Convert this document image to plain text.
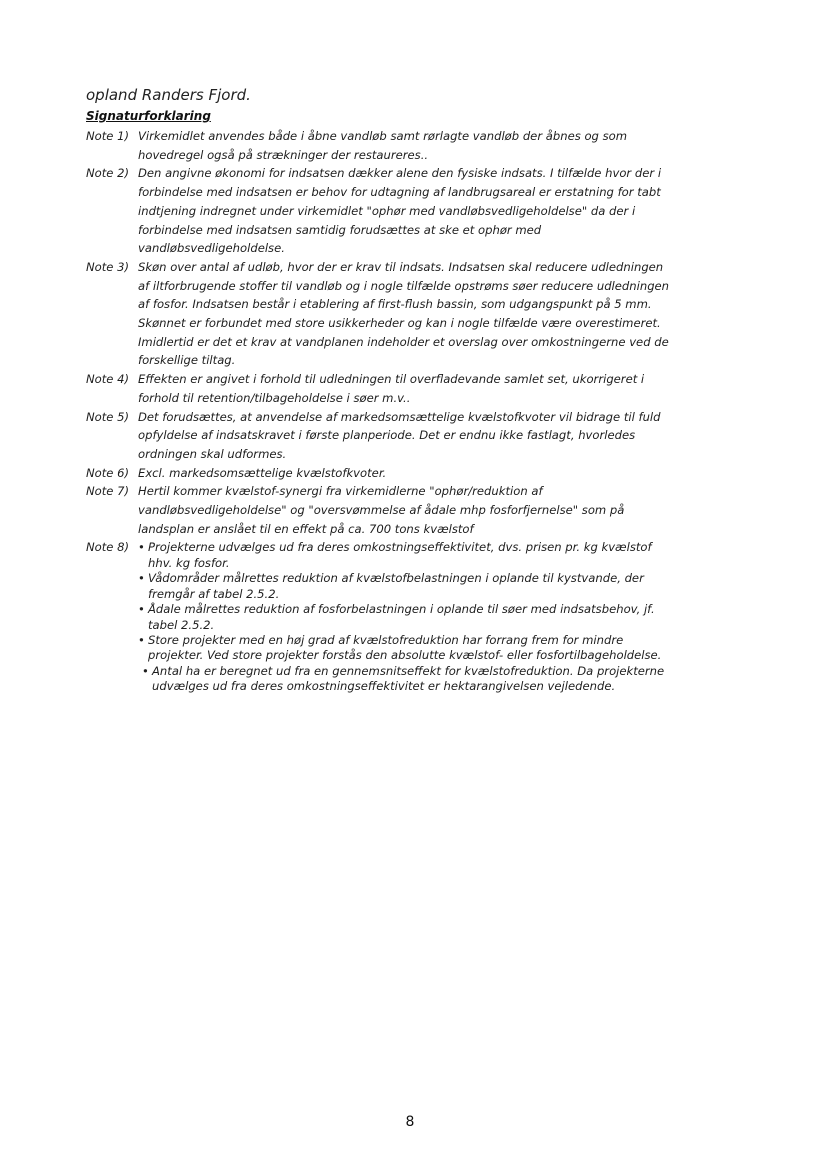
opland Randers Fjord.
Signaturforklaring
Note 1) Virkemidlet anvendes både i åbne vandløb samt rørlagte vandløb der åbnes og som hovedregel også på strækninger der restaureres..
Note 2) Den angivne økonomi for indsatsen dækker alene den fysiske indsats. I tilfælde hvor der i forbindelse med indsatsen er behov for udtagning af landbrugsareal er erstatning for tabt indtjening indregnet under virkemidlet "ophør med vandløbsvedligeholdelse" da der i forbindelse med indsatsen samtidig forudsættes at ske et ophør med vandløbsvedligeholdelse.
Note 3) Skøn over antal af udløb, hvor der er krav til indsats. Indsatsen skal reducere udledningen af iltforbrugende stoffer til vandløb og i nogle tilfælde opstrøms søer reducere udledningen af fosfor. Indsatsen består i etablering af first-flush bassin, som udgangspunkt på 5 mm. Skønnet er forbundet med store usikkerheder og kan i nogle tilfælde være overestimeret. Imidlertid er det et krav at vandplanen indeholder et overslag over omkostningerne ved de forskellige tiltag.
Note 4) Effekten er angivet i forhold til udledningen til overfladevande samlet set, ukorrigeret i forhold til retention/tilbageholdelse i søer m.v..
Note 5) Det forudsættes, at anvendelse af markedsomsættelige kvælstofkvoter vil bidrage til fuld opfyldelse af indsatskravet i første planperiode. Det er endnu ikke fastlagt, hvorledes ordningen skal udformes.
Note 6) Excl. markedsomsættelige kvælstofkvoter.
Note 7) Hertil kommer kvælstof-synergi fra virkemidlerne "ophør/reduktion af vandløbsvedligeholdelse" og "oversvømmelse af ådale mhp fosforfjernelse" som på landsplan er anslået til en effekt på ca. 700 tons kvælstof
Note 8) • Projekterne udvælges ud fra deres omkostningseffektivitet, dvs. prisen pr. kg kvælstof hhv. kg fosfor.
• Vådområder målrettes reduktion af kvælstofbelastningen i oplande til kystvande, der fremgår af tabel 2.5.2.
• Ådale målrettes reduktion af fosforbelastningen i oplande til søer med indsatsbehov, jf. tabel 2.5.2.
• Store projekter med en høj grad af kvælstofreduktion har forrang frem for mindre projekter. Ved store projekter forstås den absolutte kvælstof- eller fosfortilbageholdelse.
• Antal ha er beregnet ud fra en gennemsnitseffekt for kvælstofreduktion. Da projekterne udvælges ud fra deres omkostningseffektivitet er hektarangivelsen vejledende.
8
